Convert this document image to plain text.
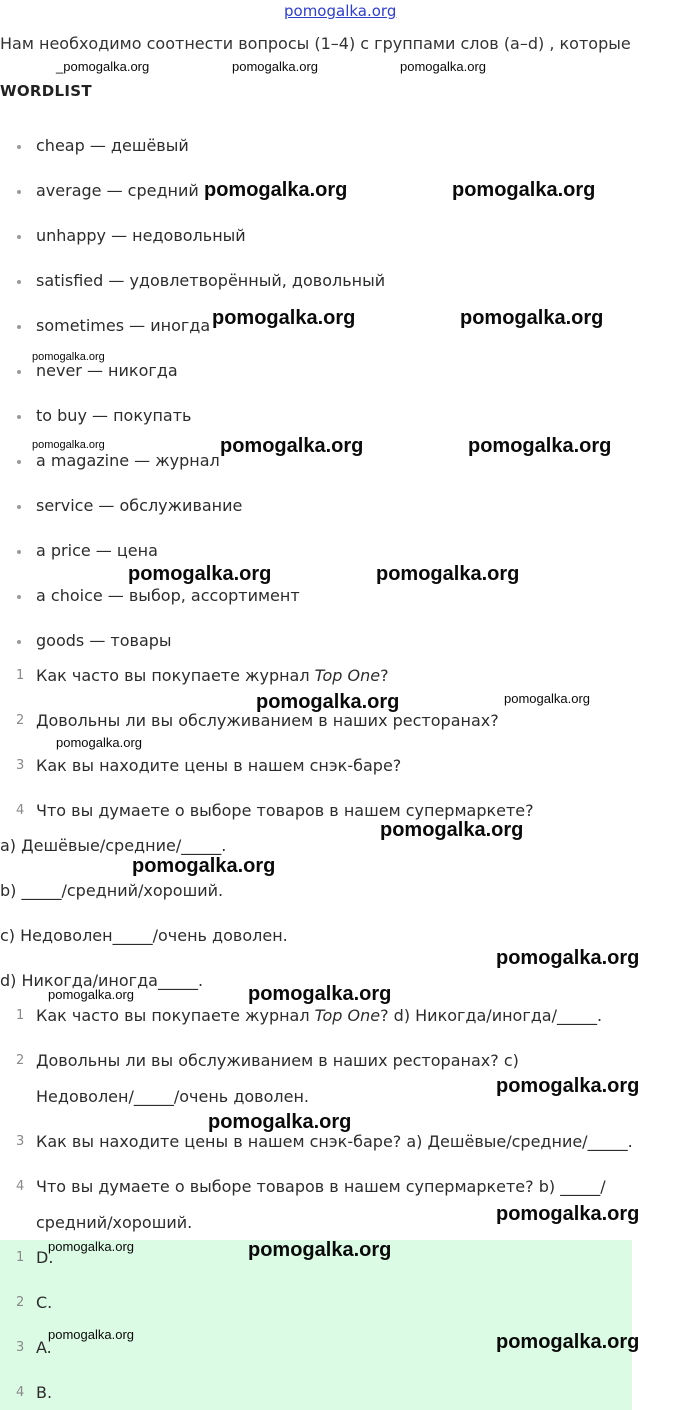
pomogalka.org
Нам необходимо соотнести вопросы (1–4) с группами слов (a–d) , которые
WORDLIST
cheap — дешёвый
average — средний
unhappy — недовольный
satisfied — удовлетворённый, довольный
sometimes — иногда
never — никогда
to buy — покупать
a magazine — журнал
service — обслуживание
a price — цена
a choice — выбор, ассортимент
goods — товары
1 Как часто вы покупаете журнал Top One?
2 Довольны ли вы обслуживанием в наших ресторанах?
3 Как вы находите цены в нашем снэк-баре?
4 Что вы думаете о выборе товаров в нашем супермаркете?
a) Дешёвые/средние/_____.
b) _____/средний/хороший.
c) Недоволен_____/очень доволен.
d) Никогда/иногда_____.
1 Как часто вы покупаете журнал Top One? d) Никогда/иногда/_____.
2 Довольны ли вы обслуживанием в наших ресторанах? c)
Недоволен/_____/очень доволен.
3 Как вы находите цены в нашем снэк-баре? a) Дешёвые/средние/_____.
4 Что вы думаете о выборе товаров в нашем супермаркете? b) _____/
средний/хороший.
1 D.
2 C.
3 A.
4 B.
_pomogalka.org	pomogalka.org	pomogalka.org
pomogalka.org	pomogalka.org
pomogalka.org	pomogalka.org
pomogalka.org
pomogalka.org	pomogalka.org	pomogalka.org
pomogalka.org	pomogalka.org
pomogalka.org	pomogalka.org
pomogalka.org
pomogalka.org
pomogalka.org
pomogalka.org
pomogalka.org	pomogalka.org
pomogalka.org
pomogalka.org
pomogalka.org
pomogalka.org	pomogalka.org
pomogalka.org	pomogalka.org
